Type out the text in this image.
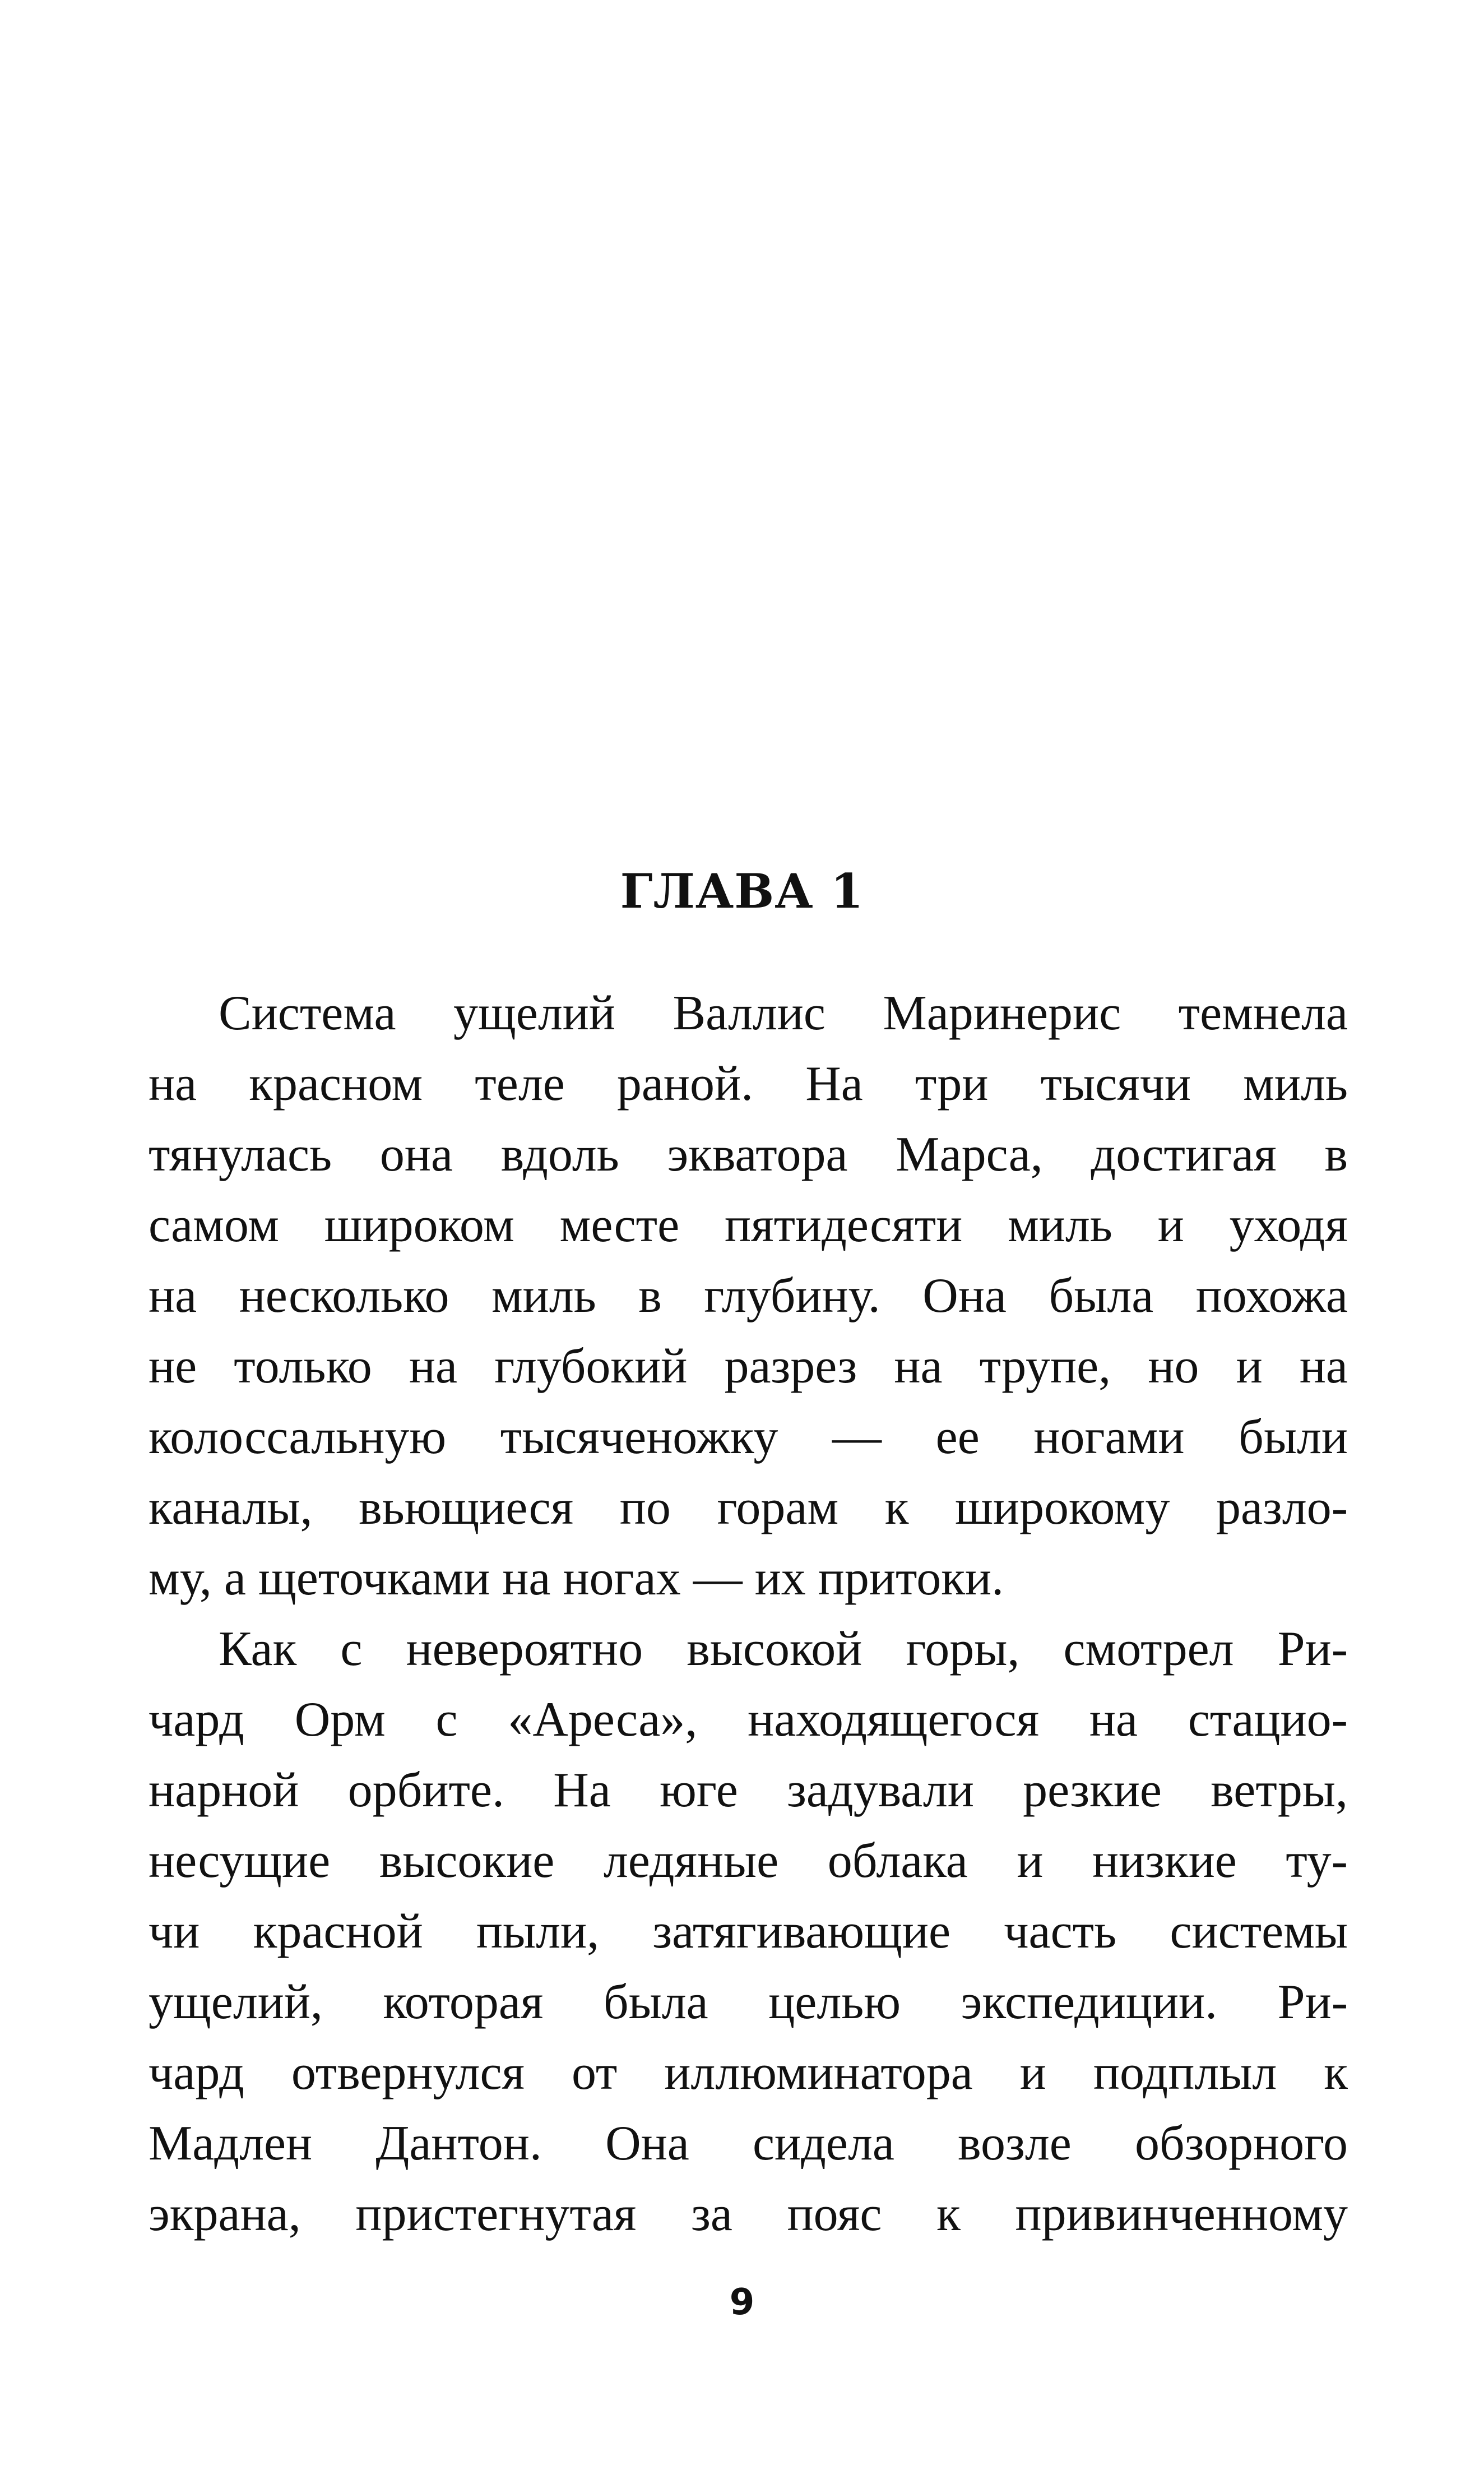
ГЛАВА 1

Система ущелий Валлис Маринерис темнела
на красном теле раной. На три тысячи миль
тянулась она вдоль экватора Марса, достигая в
самом широком месте пятидесяти миль и уходя
на несколько миль в глубину. Она была похожа
не только на глубокий разрез на трупе, но и на
колоссальную тысяченожку — ее ногами были
каналы, вьющиеся по горам к широкому разло-
му, а щеточками на ногах — их притоки.

Как с невероятно высокой горы, смотрел Ри-
чард Орм с «Ареса», находящегося на стацио-
нарной орбите. На юге задували резкие ветры,
несущие высокие ледяные облака и низкие ту-
чи красной пыли, затягивающие часть системы
ущелий, которая была целью экспедиции. Ри-
чард отвернулся от иллюминатора и подплыл к
Мадлен Дантон. Она сидела возле обзорного
экрана, пристегнутая за пояс к привинченному

9
